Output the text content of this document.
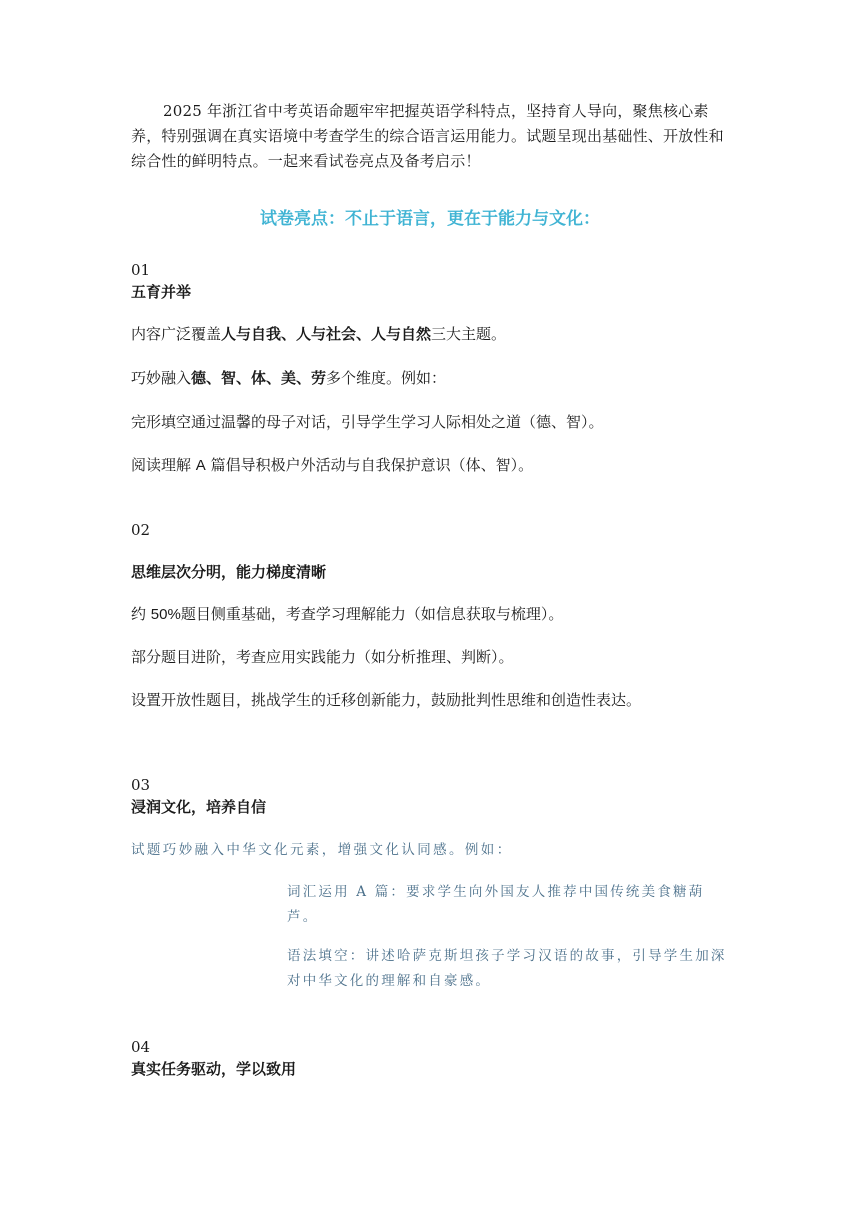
2025 年浙江省中考英语命题牢牢把握英语学科特点，坚持育人导向，聚焦核心素养，特别强调在真实语境中考查学生的综合语言运用能力。试题呈现出基础性、开放性和综合性的鲜明特点。一起来看试卷亮点及备考启示！
试卷亮点：不止于语言，更在于能力与文化：
01
五育并举
内容广泛覆盖人与自我、人与社会、人与自然三大主题。
巧妙融入德、智、体、美、劳多个维度。例如：
完形填空通过温馨的母子对话，引导学生学习人际相处之道（德、智）。
阅读理解 A 篇倡导积极户外活动与自我保护意识（体、智）。
02
思维层次分明，能力梯度清晰
约 50%题目侧重基础，考查学习理解能力（如信息获取与梳理）。
部分题目进阶，考查应用实践能力（如分析推理、判断）。
设置开放性题目，挑战学生的迁移创新能力，鼓励批判性思维和创造性表达。
03
浸润文化，培养自信
试题巧妙融入中华文化元素，增强文化认同感。例如：
词汇运用 A 篇：要求学生向外国友人推荐中国传统美食糖葫芦。
语法填空：讲述哈萨克斯坦孩子学习汉语的故事，引导学生加深对中华文化的理解和自豪感。
04
真实任务驱动，学以致用
